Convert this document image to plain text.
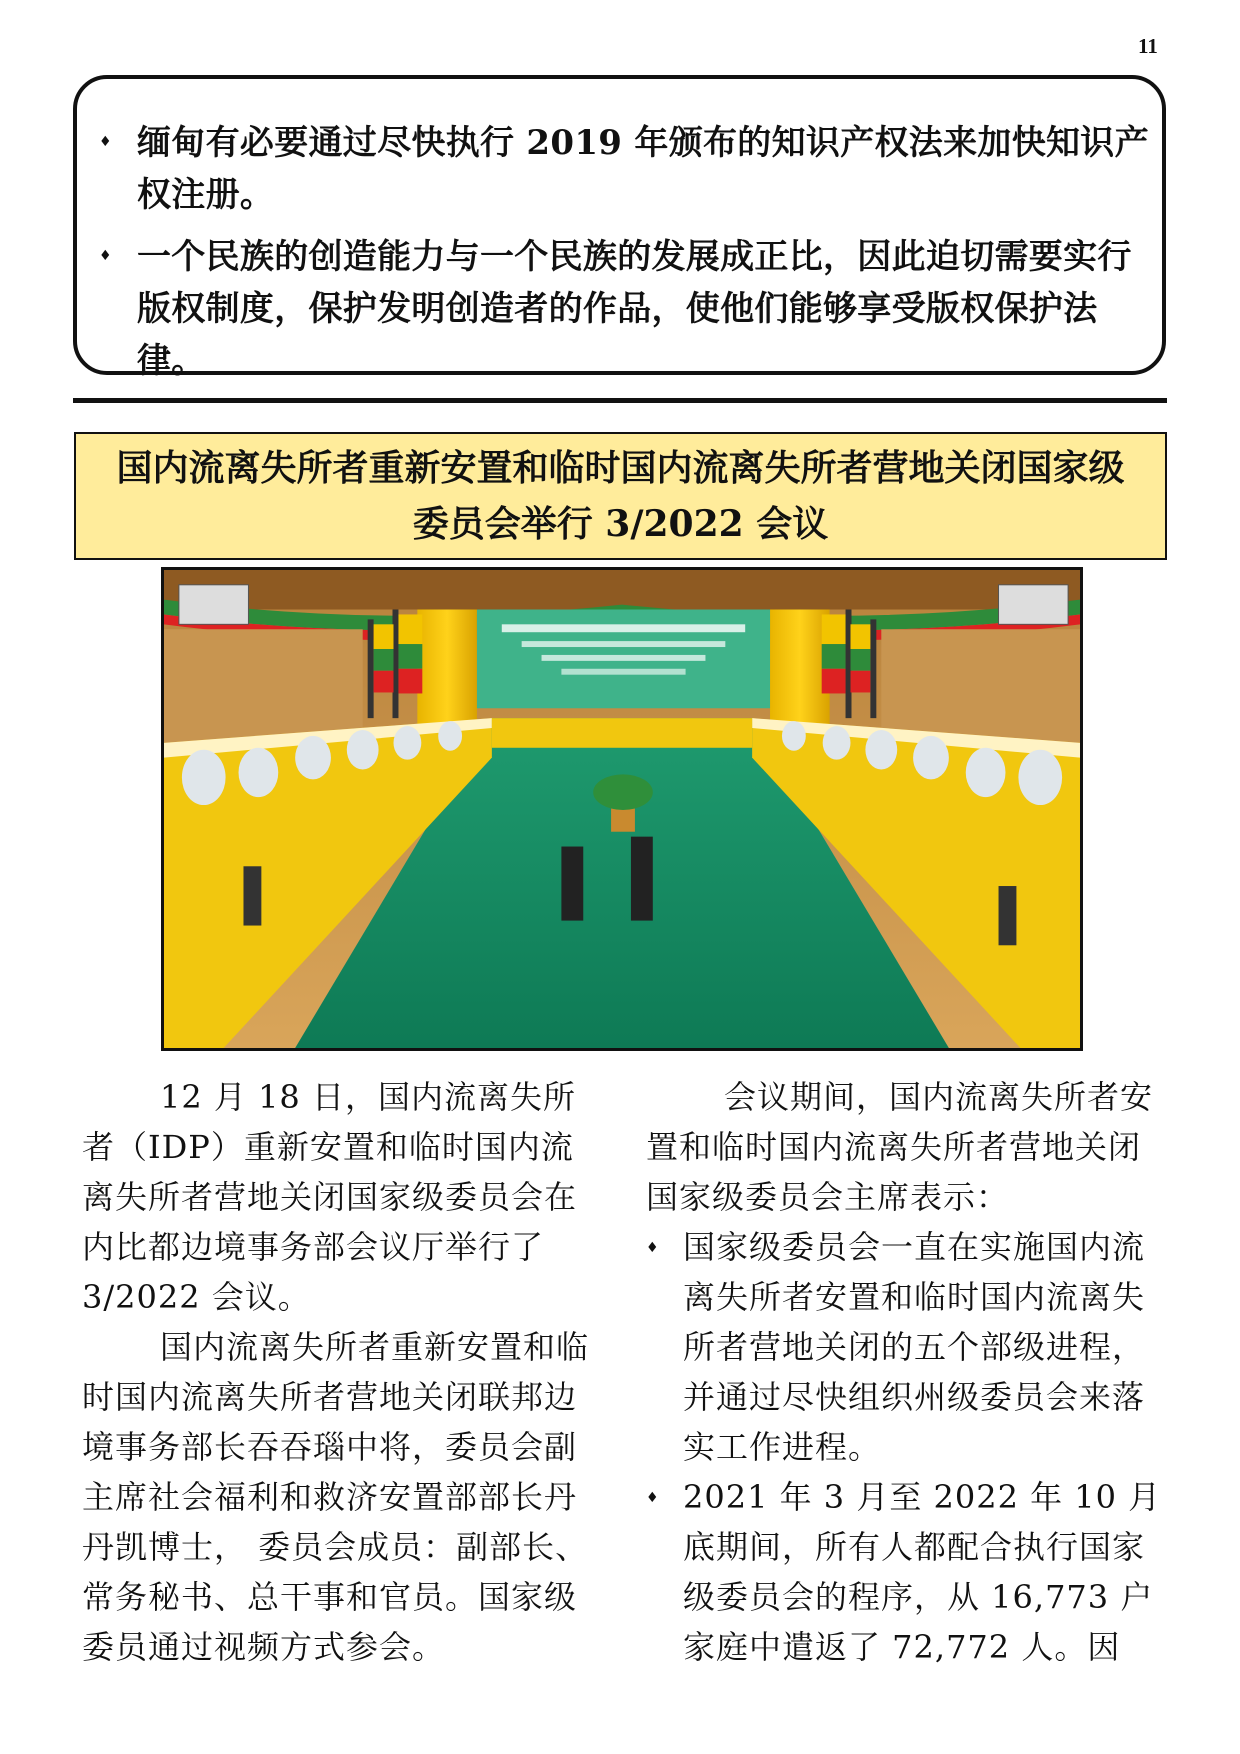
11
♦ 缅甸有必要通过尽快执行 2019 年颁布的知识产权法来加快知识产权注册。
♦ 一个民族的创造能力与一个民族的发展成正比，因此迫切需要实行版权制度，保护发明创造者的作品，使他们能够享受版权保护法律。
国内流离失所者重新安置和临时国内流离失所者营地关闭国家级
委员会举行 3/2022 会议

12 月 18 日，国内流离失所者（IDP）重新安置和临时国内流离失所者营地关闭国家级委员会在内比都边境事务部会议厅举行了 3/2022 会议。

国内流离失所者重新安置和临时国内流离失所者营地关闭联邦边境事务部长吞吞瑙中将，委员会副主席社会福利和救济安置部部长丹丹凯博士， 委员会成员：副部长、常务秘书、总干事和官员。国家级委员通过视频方式参会。

会议期间，国内流离失所者安置和临时国内流离失所者营地关闭国家级委员会主席表示：

♦ 国家级委员会一直在实施国内流离失所者安置和临时国内流离失所者营地关闭的五个部级进程，并通过尽快组织州级委员会来落实工作进程。

♦ 2021 年 3 月至 2022 年 10 月底期间，所有人都配合执行国家级委员会的程序，从 16,773 户家庭中遣返了 72,772 人。因
